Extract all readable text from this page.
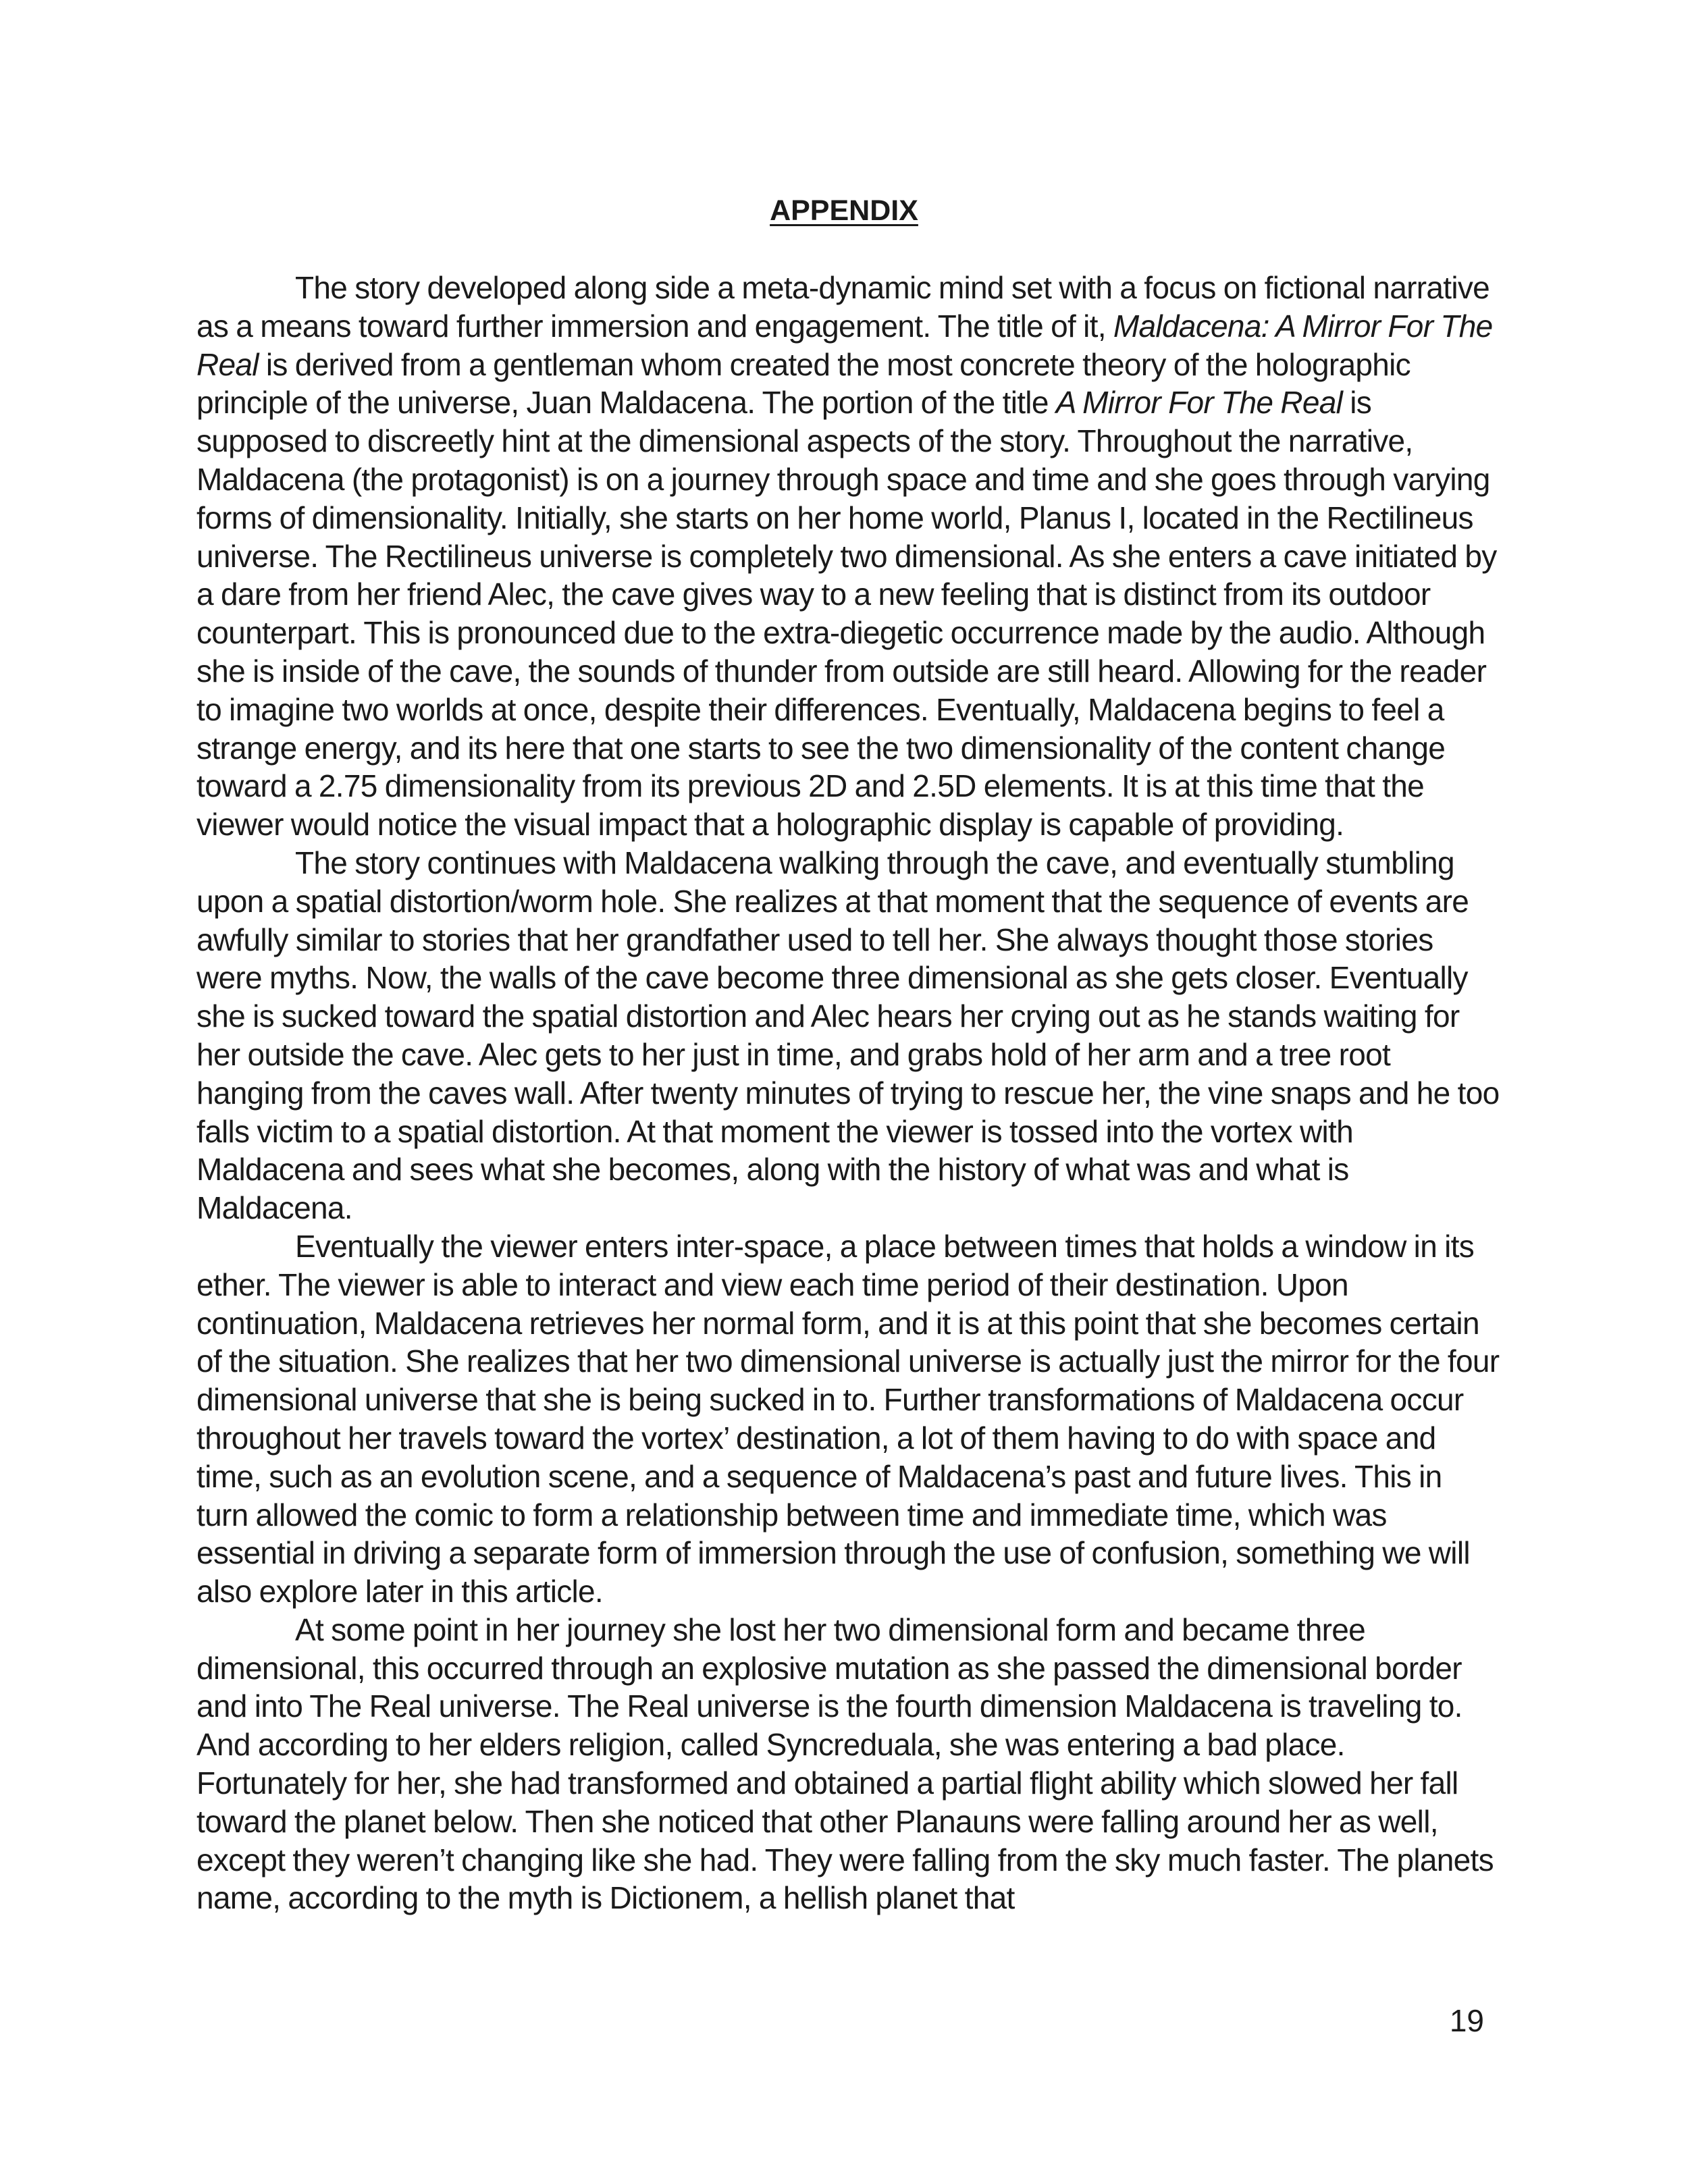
APPENDIX

The story developed along side a meta-dynamic mind set with a focus on fictional narrative as a means toward further immersion and engagement. The title of it, Maldacena: A Mirror For The Real is derived from a gentleman whom created the most concrete theory of the holographic principle of the universe, Juan Maldacena. The portion of the title A Mirror For The Real is supposed to discreetly hint at the dimensional aspects of the story. Throughout the narrative, Maldacena (the protagonist) is on a journey through space and time and she goes through varying forms of dimensionality. Initially, she starts on her home world, Planus I, located in the Rectilineus universe. The Rectilineus universe is completely two dimensional. As she enters a cave initiated by a dare from her friend Alec, the cave gives way to a new feeling that is distinct from its outdoor counterpart. This is pronounced due to the extra-diegetic occurrence made by the audio. Although she is inside of the cave, the sounds of thunder from outside are still heard. Allowing for the reader to imagine two worlds at once, despite their differences. Eventually, Maldacena begins to feel a strange energy, and its here that one starts to see the two dimensionality of the content change toward a 2.75 dimensionality from its previous 2D and 2.5D elements. It is at this time that the viewer would notice the visual impact that a holographic display is capable of providing.

The story continues with Maldacena walking through the cave, and eventually stumbling upon a spatial distortion/worm hole. She realizes at that moment that the sequence of events are awfully similar to stories that her grandfather used to tell her. She always thought those stories were myths. Now, the walls of the cave become three dimensional as she gets closer. Eventually she is sucked toward the spatial distortion and Alec hears her crying out as he stands waiting for her outside the cave. Alec gets to her just in time, and grabs hold of her arm and a tree root hanging from the caves wall. After twenty minutes of trying to rescue her, the vine snaps and he too falls victim to a spatial distortion. At that moment the viewer is tossed into the vortex with Maldacena and sees what she becomes, along with the history of what was and what is Maldacena.

Eventually the viewer enters inter-space, a place between times that holds a window in its ether. The viewer is able to interact and view each time period of their destination. Upon continuation, Maldacena retrieves her normal form, and it is at this point that she becomes certain of the situation. She realizes that her two dimensional universe is actually just the mirror for the four dimensional universe that she is being sucked in to. Further transformations of Maldacena occur throughout her travels toward the vortex’ destination, a lot of them having to do with space and time, such as an evolution scene, and a sequence of Maldacena’s past and future lives. This in turn allowed the comic to form a relationship between time and immediate time, which was essential in driving a separate form of immersion through the use of confusion, something we will also explore later in this article.

At some point in her journey she lost her two dimensional form and became three dimensional, this occurred through an explosive mutation as she passed the dimensional border and into The Real universe. The Real universe is the fourth dimension Maldacena is traveling to. And according to her elders religion, called Syncreduala, she was entering a bad place. Fortunately for her, she had transformed and obtained a partial flight ability which slowed her fall toward the planet below. Then she noticed that other Planauns were falling around her as well, except they weren’t changing like she had. They were falling from the sky much faster. The planets name, according to the myth is Dictionem, a hellish planet that

19
